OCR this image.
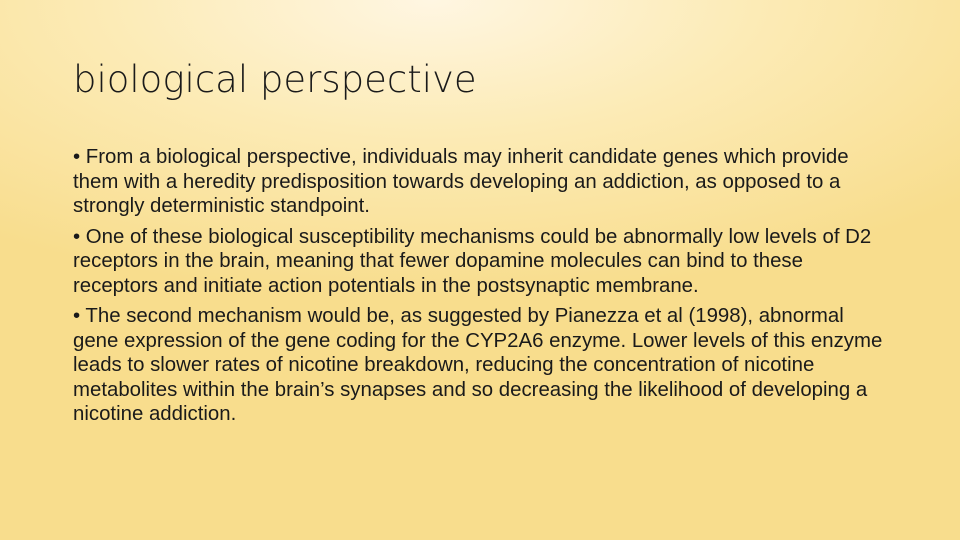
biological perspective

• From a biological perspective, individuals may inherit candidate genes which provide them with a heredity predisposition towards developing an addiction, as opposed to a strongly deterministic standpoint.

• One of these biological susceptibility mechanisms could be abnormally low levels of D2 receptors in the brain, meaning that fewer dopamine molecules can bind to these receptors and initiate action potentials in the postsynaptic membrane.

• The second mechanism would be, as suggested by Pianezza et al (1998), abnormal gene expression of the gene coding for the CYP2A6 enzyme. Lower levels of this enzyme leads to slower rates of nicotine breakdown, reducing the concentration of nicotine metabolites within the brain’s synapses and so decreasing the likelihood of developing a nicotine addiction.
